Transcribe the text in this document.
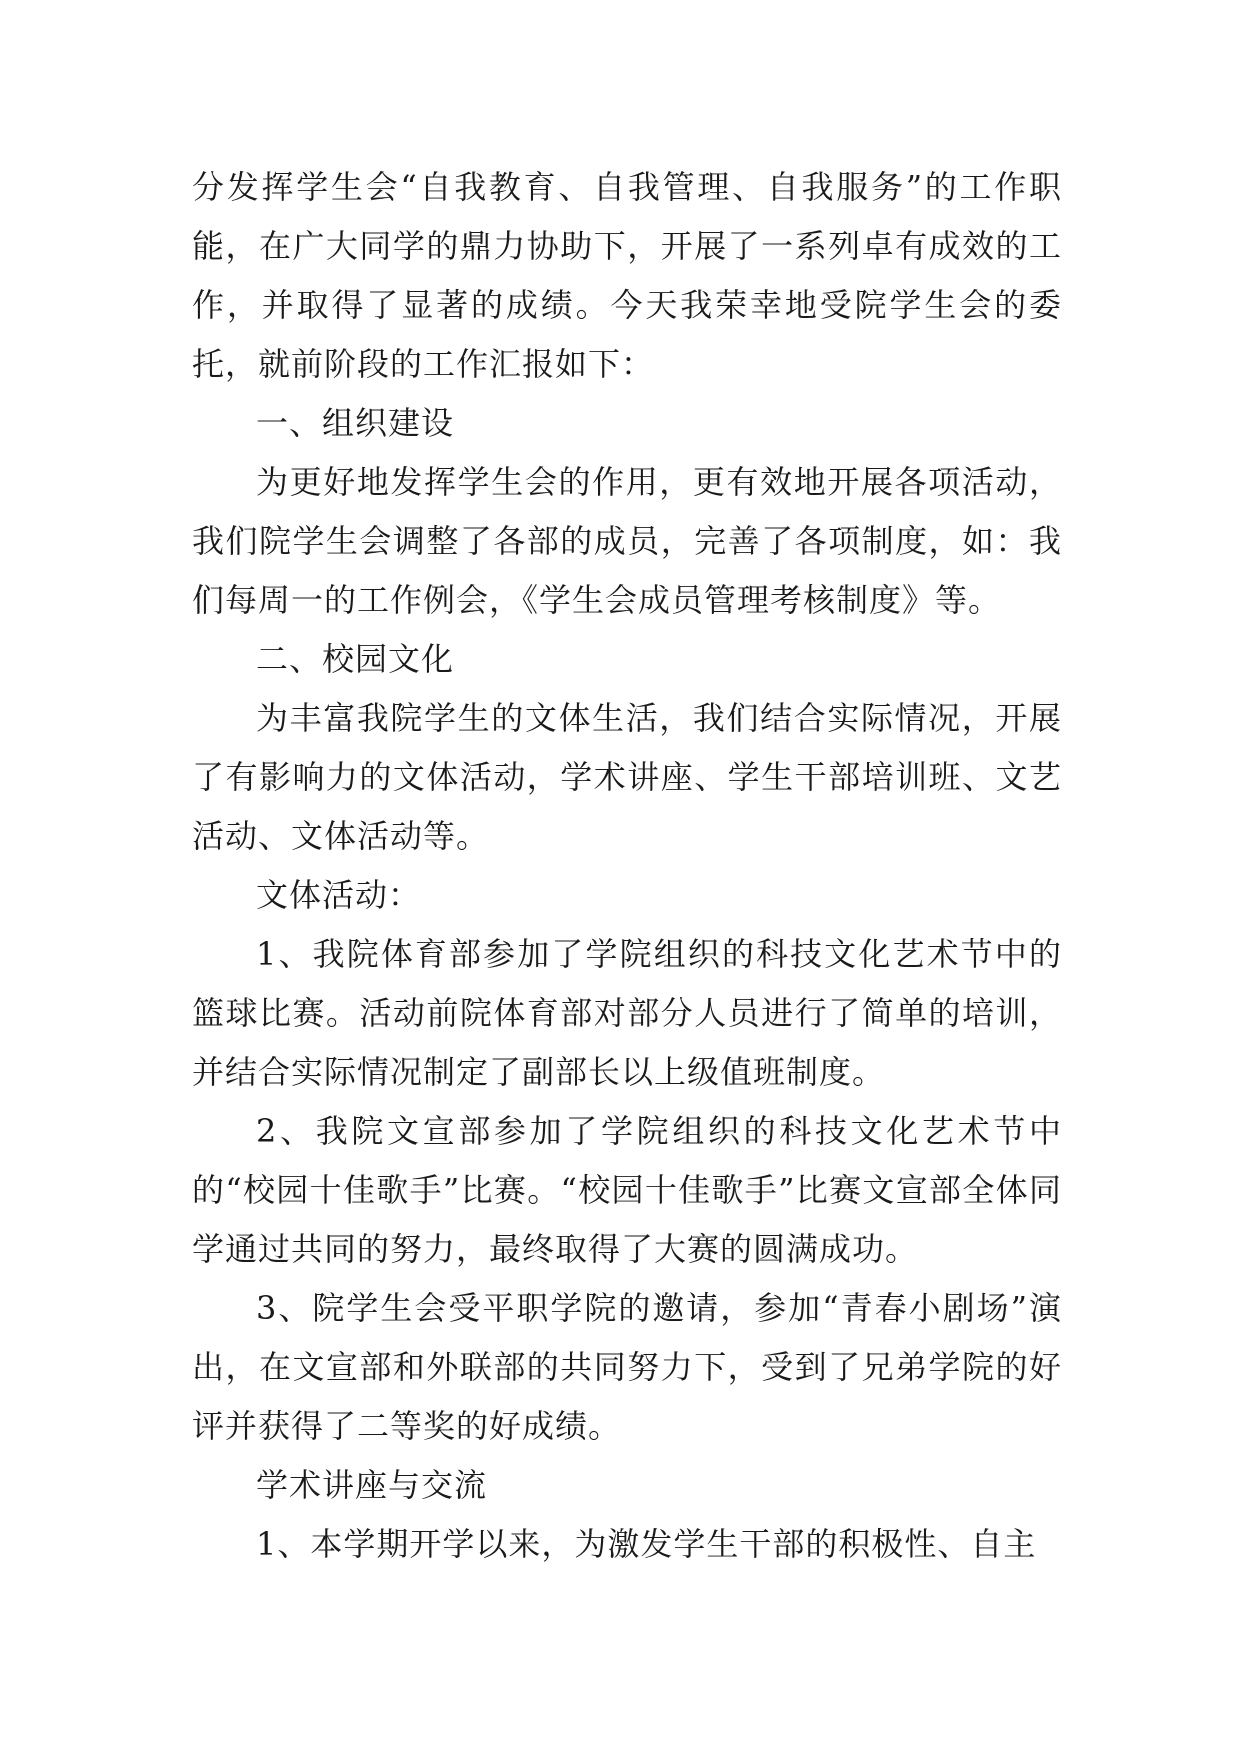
分发挥学生会“自我教育、自我管理、自我服务”的工作职能，在广大同学的鼎力协助下，开展了一系列卓有成效的工作，并取得了显著的成绩。今天我荣幸地受院学生会的委托，就前阶段的工作汇报如下：

一、组织建设

为更好地发挥学生会的作用，更有效地开展各项活动，我们院学生会调整了各部的成员，完善了各项制度，如：我们每周一的工作例会，《学生会成员管理考核制度》等。

二、校园文化

为丰富我院学生的文体生活，我们结合实际情况，开展了有影响力的文体活动，学术讲座、学生干部培训班、文艺活动、文体活动等。

文体活动：

1、我院体育部参加了学院组织的科技文化艺术节中的篮球比赛。活动前院体育部对部分人员进行了简单的培训，并结合实际情况制定了副部长以上级值班制度。

2、我院文宣部参加了学院组织的科技文化艺术节中的“校园十佳歌手”比赛。“校园十佳歌手”比赛文宣部全体同学通过共同的努力，最终取得了大赛的圆满成功。

3、院学生会受平职学院的邀请，参加“青春小剧场”演出，在文宣部和外联部的共同努力下，受到了兄弟学院的好评并获得了二等奖的好成绩。

学术讲座与交流

1、本学期开学以来，为激发学生干部的积极性、自主
